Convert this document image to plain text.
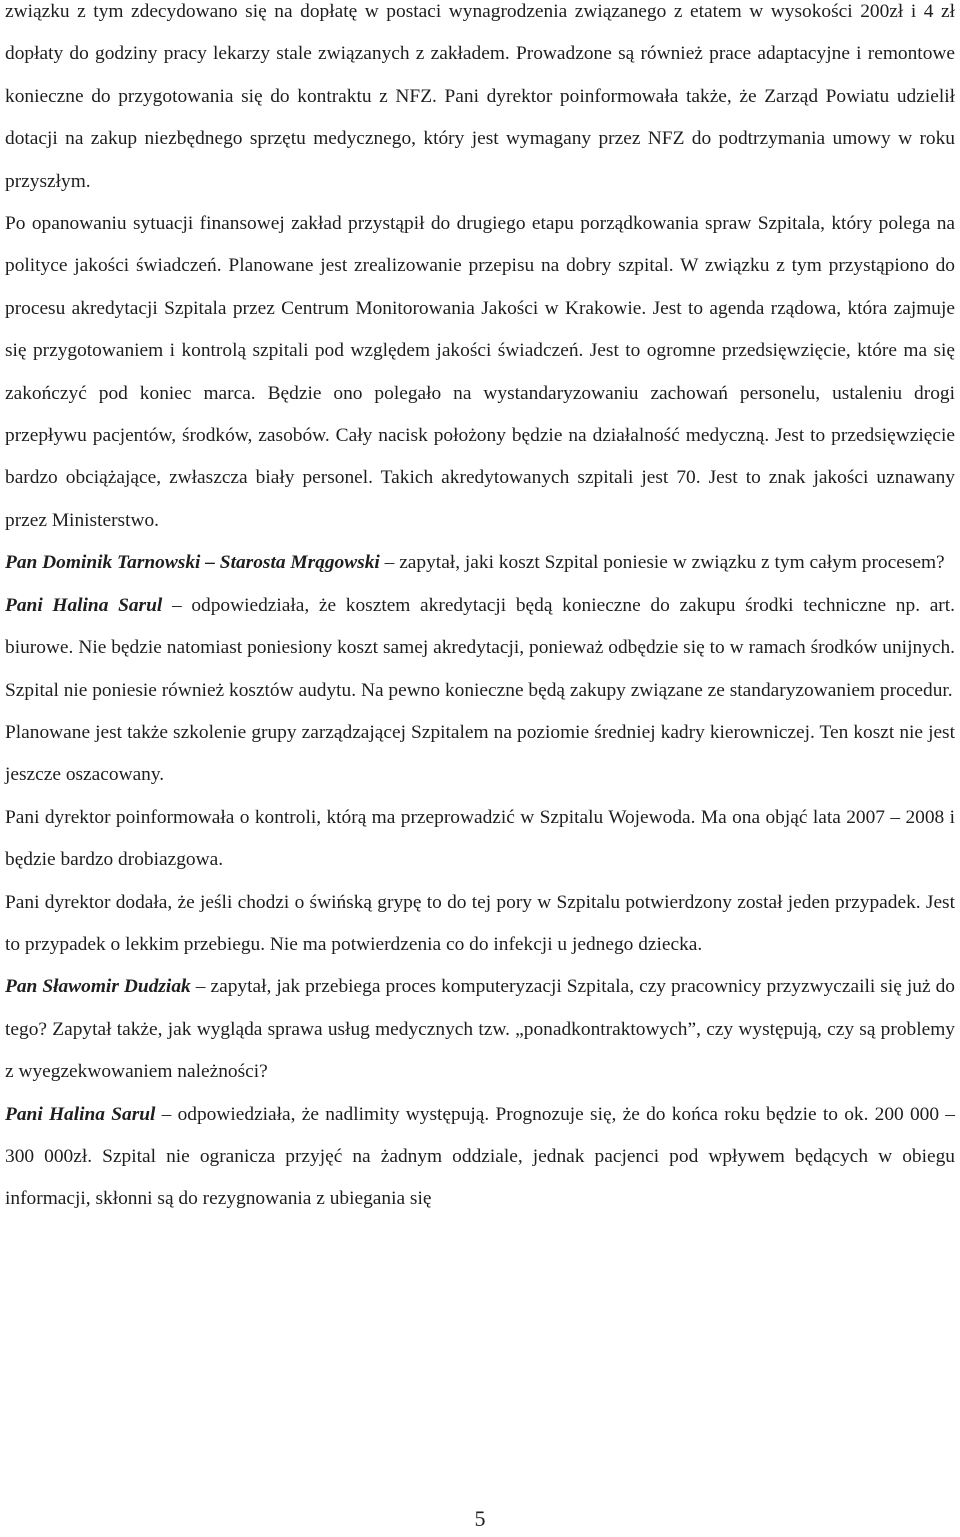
związku z tym zdecydowano się na dopłatę w postaci wynagrodzenia związanego z etatem w wysokości 200zł i 4 zł dopłaty do godziny pracy lekarzy stale związanych z zakładem. Prowadzone są również prace adaptacyjne i remontowe konieczne do przygotowania się do kontraktu z NFZ. Pani dyrektor poinformowała także, że Zarząd Powiatu udzielił dotacji na zakup niezbędnego sprzętu medycznego, który jest wymagany przez NFZ do podtrzymania umowy w roku przyszłym.

Po opanowaniu sytuacji finansowej zakład przystąpił do drugiego etapu porządkowania spraw Szpitala, który polega na polityce jakości świadczeń. Planowane jest zrealizowanie przepisu na dobry szpital. W związku z tym przystąpiono do procesu akredytacji Szpitala przez Centrum Monitorowania Jakości w Krakowie. Jest to agenda rządowa, która zajmuje się przygotowaniem i kontrolą szpitali pod względem jakości świadczeń. Jest to ogromne przedsięwzięcie, które ma się zakończyć pod koniec marca. Będzie ono polegało na wystandaryzowaniu zachowań personelu, ustaleniu drogi przepływu pacjentów, środków, zasobów. Cały nacisk położony będzie na działalność medyczną. Jest to przedsięwzięcie bardzo obciążające, zwłaszcza biały personel. Takich akredytowanych szpitali jest 70. Jest to znak jakości uznawany przez Ministerstwo.

Pan Dominik Tarnowski – Starosta Mrągowski – zapytał, jaki koszt Szpital poniesie w związku z tym całym procesem?

Pani Halina Sarul – odpowiedziała, że kosztem akredytacji będą konieczne do zakupu środki techniczne np. art. biurowe. Nie będzie natomiast poniesiony koszt samej akredytacji, ponieważ odbędzie się to w ramach środków unijnych. Szpital nie poniesie również kosztów audytu. Na pewno konieczne będą zakupy związane ze standaryzowaniem procedur.

Planowane jest także szkolenie grupy zarządzającej Szpitalem na poziomie średniej kadry kierowniczej. Ten koszt nie jest jeszcze oszacowany.

Pani dyrektor poinformowała o kontroli, którą ma przeprowadzić w Szpitalu Wojewoda. Ma ona objąć lata 2007 – 2008 i będzie bardzo drobiazgowa.

Pani dyrektor dodała, że jeśli chodzi o świńską grypę to do tej pory w Szpitalu potwierdzony został jeden przypadek. Jest to przypadek o lekkim przebiegu. Nie ma potwierdzenia co do infekcji u jednego dziecka.

Pan Sławomir Dudziak – zapytał, jak przebiega proces komputeryzacji Szpitala, czy pracownicy przyzwyczaili się już do tego? Zapytał także, jak wygląda sprawa usług medycznych tzw. „ponadkontraktowych”, czy występują, czy są problemy z wyegzekwowaniem należności?

Pani Halina Sarul – odpowiedziała, że nadlimity występują. Prognozuje się, że do końca roku będzie to ok. 200 000 – 300 000zł. Szpital nie ogranicza przyjęć na żadnym oddziale, jednak pacjenci pod wpływem będących w obiegu informacji, skłonni są do rezygnowania z ubiegania się

5
